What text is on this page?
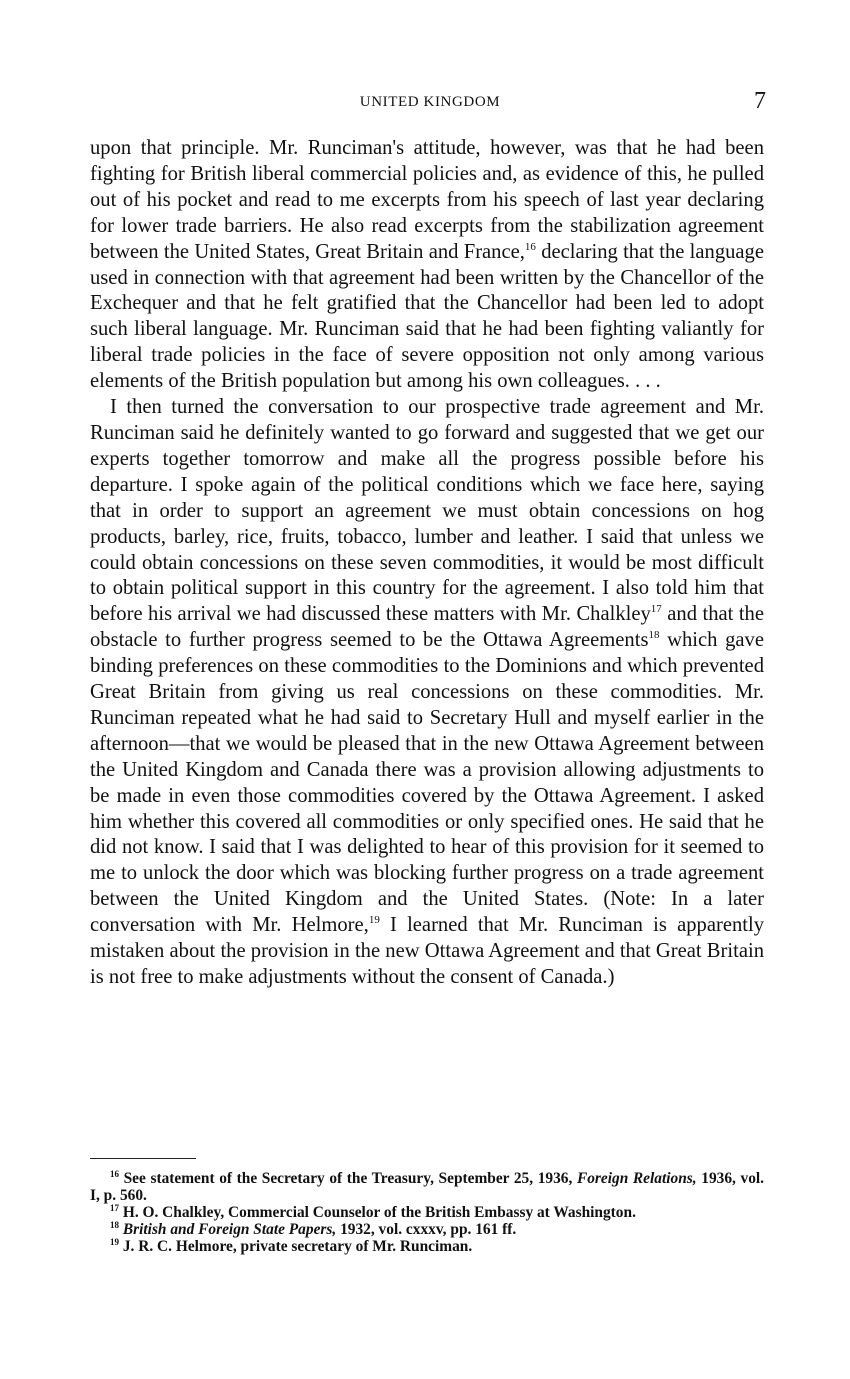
UNITED KINGDOM	7

upon that principle. Mr. Runciman's attitude, however, was that he had been fighting for British liberal commercial policies and, as evidence of this, he pulled out of his pocket and read to me excerpts from his speech of last year declaring for lower trade barriers. He also read excerpts from the stabilization agreement between the United States, Great Britain and France,$^{16}$ declaring that the language used in connection with that agreement had been written by the Chancellor of the Exchequer and that he felt gratified that the Chancellor had been led to adopt such liberal language. Mr. Runciman said that he had been fighting valiantly for liberal trade policies in the face of severe opposition not only among various elements of the British population but among his own colleagues. . . .

I then turned the conversation to our prospective trade agreement and Mr. Runciman said he definitely wanted to go forward and suggested that we get our experts together tomorrow and make all the progress possible before his departure. I spoke again of the political conditions which we face here, saying that in order to support an agreement we must obtain concessions on hog products, barley, rice, fruits, tobacco, lumber and leather. I said that unless we could obtain concessions on these seven commodities, it would be most difficult to obtain political support in this country for the agreement. I also told him that before his arrival we had discussed these matters with Mr. Chalkley$^{17}$ and that the obstacle to further progress seemed to be the Ottawa Agreements$^{18}$ which gave binding preferences on these commodities to the Dominions and which prevented Great Britain from giving us real concessions on these commodities. Mr. Runciman repeated what he had said to Secretary Hull and myself earlier in the afternoon—that we would be pleased that in the new Ottawa Agreement between the United Kingdom and Canada there was a provision allowing adjustments to be made in even those commodities covered by the Ottawa Agreement. I asked him whether this covered all commodities or only specified ones. He said that he did not know. I said that I was delighted to hear of this provision for it seemed to me to unlock the door which was blocking further progress on a trade agreement between the United Kingdom and the United States. (Note: In a later conversation with Mr. Helmore,$^{19}$ I learned that Mr. Runciman is apparently mistaken about the provision in the new Ottawa Agreement and that Great Britain is not free to make adjustments without the consent of Canada.)

$^{16}$ See statement of the Secretary of the Treasury, September 25, 1936, Foreign Relations, 1936, vol. I, p. 560.

$^{17}$ H. O. Chalkley, Commercial Counselor of the British Embassy at Washington.

$^{18}$ British and Foreign State Papers, 1932, vol. cxxxv, pp. 161 ff.

$^{19}$ J. R. C. Helmore, private secretary of Mr. Runciman.
